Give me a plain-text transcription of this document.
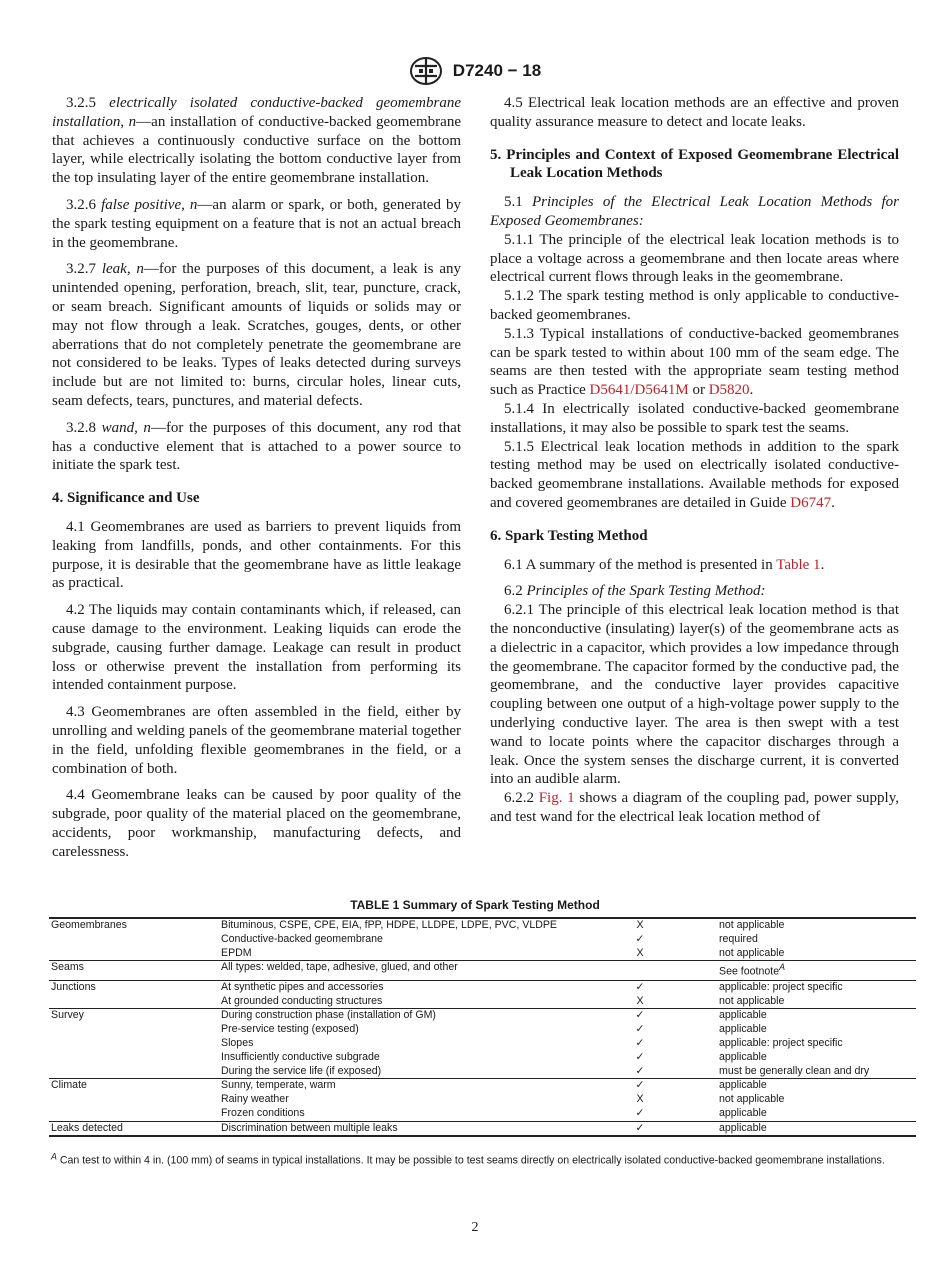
D7240 − 18

3.2.5 electrically isolated conductive-backed geomembrane installation, n—an installation of conductive-backed geomembrane that achieves a continuously conductive surface on the bottom layer, while electrically isolating the bottom conductive layer from the top insulating layer of the entire geomembrane installation.

3.2.6 false positive, n—an alarm or spark, or both, generated by the spark testing equipment on a feature that is not an actual breach in the geomembrane.

3.2.7 leak, n—for the purposes of this document, a leak is any unintended opening, perforation, breach, slit, tear, puncture, crack, or seam breach. Significant amounts of liquids or solids may or may not flow through a leak. Scratches, gouges, dents, or other aberrations that do not completely penetrate the geomembrane are not considered to be leaks. Types of leaks detected during surveys include but are not limited to: burns, circular holes, linear cuts, seam defects, tears, punctures, and material defects.

3.2.8 wand, n—for the purposes of this document, any rod that has a conductive element that is attached to a power source to initiate the spark test.

4. Significance and Use

4.1 Geomembranes are used as barriers to prevent liquids from leaking from landfills, ponds, and other containments. For this purpose, it is desirable that the geomembrane have as little leakage as practical.

4.2 The liquids may contain contaminants which, if released, can cause damage to the environment. Leaking liquids can erode the subgrade, causing further damage. Leakage can result in product loss or otherwise prevent the installation from performing its intended containment purpose.

4.3 Geomembranes are often assembled in the field, either by unrolling and welding panels of the geomembrane material together in the field, unfolding flexible geomembranes in the field, or a combination of both.

4.4 Geomembrane leaks can be caused by poor quality of the subgrade, poor quality of the material placed on the geomembrane, accidents, poor workmanship, manufacturing defects, and carelessness.

4.5 Electrical leak location methods are an effective and proven quality assurance measure to detect and locate leaks.

5. Principles and Context of Exposed Geomembrane Electrical Leak Location Methods

5.1 Principles of the Electrical Leak Location Methods for Exposed Geomembranes:

5.1.1 The principle of the electrical leak location methods is to place a voltage across a geomembrane and then locate areas where electrical current flows through leaks in the geomembrane.

5.1.2 The spark testing method is only applicable to conductive-backed geomembranes.

5.1.3 Typical installations of conductive-backed geomembranes can be spark tested to within about 100 mm of the seam edge. The seams are then tested with the appropriate seam testing method such as Practice D5641/D5641M or D5820.

5.1.4 In electrically isolated conductive-backed geomembrane installations, it may also be possible to spark test the seams.

5.1.5 Electrical leak location methods in addition to the spark testing method may be used on electrically isolated conductive-backed geomembrane installations. Available methods for exposed and covered geomembranes are detailed in Guide D6747.

6. Spark Testing Method

6.1 A summary of the method is presented in Table 1.

6.2 Principles of the Spark Testing Method:

6.2.1 The principle of this electrical leak location method is that the nonconductive (insulating) layer(s) of the geomembrane acts as a dielectric in a capacitor, which provides a low impedance through the geomembrane. The capacitor formed by the conductive pad, the geomembrane, and the conductive layer provides capacitive coupling between one output of a high-voltage power supply to the underlying conductive layer. The area is then swept with a test wand to locate points where the capacitor discharges through a leak. Once the system senses the discharge current, it is converted into an audible alarm.

6.2.2 Fig. 1 shows a diagram of the coupling pad, power supply, and test wand for the electrical leak location method of

TABLE 1 Summary of Spark Testing Method
Geomembranes	Bituminous, CSPE, CPE, EIA, fPP, HDPE, LLDPE, LDPE, PVC, VLDPE	X	not applicable
	Conductive-backed geomembrane	✓	required
	EPDM	X	not applicable
Seams	All types: welded, tape, adhesive, glued, and other		See footnote$^A$
Junctions	At synthetic pipes and accessories	✓	applicable: project specific
	At grounded conducting structures	X	not applicable
Survey	During construction phase (installation of GM)	✓	applicable
	Pre-service testing (exposed)	✓	applicable
	Slopes	✓	applicable: project specific
	Insufficiently conductive subgrade	✓	applicable
	During the service life (if exposed)	✓	must be generally clean and dry
Climate	Sunny, temperate, warm	✓	applicable
	Rainy weather	X	not applicable
	Frozen conditions	✓	applicable
Leaks detected	Discrimination between multiple leaks	✓	applicable
$^A$ Can test to within 4 in. (100 mm) of seams in typical installations. It may be possible to test seams directly on electrically isolated conductive-backed geomembrane installations.
2
